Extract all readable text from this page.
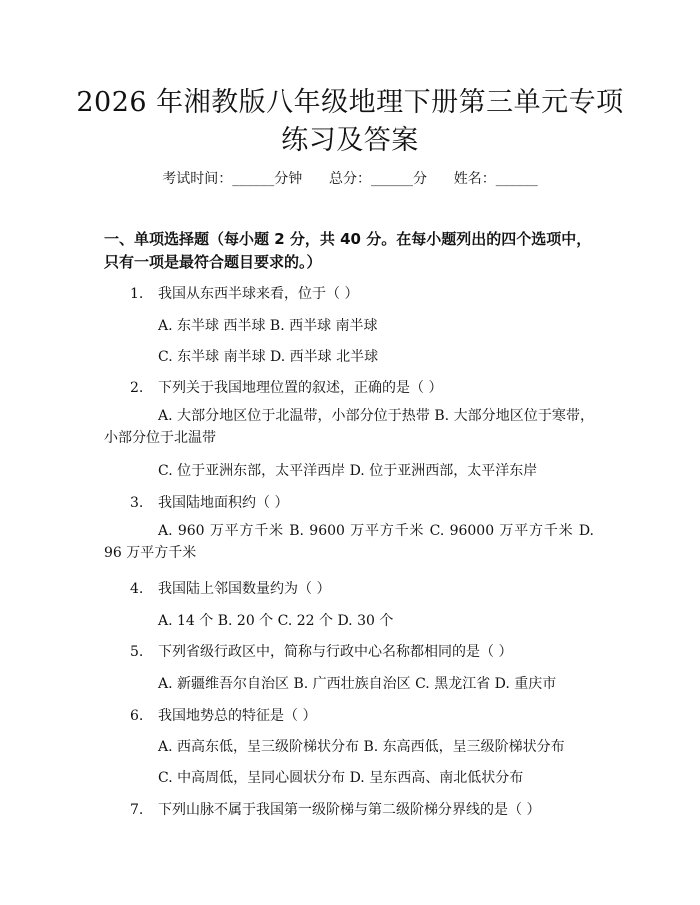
2026 年湘教版八年级地理下册第三单元专项
练习及答案
考试时间：______分钟      总分：______分      姓名：______
一、单项选择题（每小题 2 分，共 40 分。在每小题列出的四个选项中，只有一项是最符合题目要求的。）
1. 我国从东西半球来看，位于（ ）
A. 东半球 西半球 B. 西半球 南半球
C. 东半球 南半球 D. 西半球 北半球
2. 下列关于我国地理位置的叙述，正确的是（ ）
A. 大部分地区位于北温带，小部分位于热带 B. 大部分地区位于寒带，小部分位于北温带
C. 位于亚洲东部，太平洋西岸 D. 位于亚洲西部，太平洋东岸
3. 我国陆地面积约（ ）
A. 960 万平方千米 B. 9600 万平方千米 C. 96000 万平方千米 D. 96 万平方千米
4. 我国陆上邻国数量约为（ ）
A. 14 个 B. 20 个 C. 22 个 D. 30 个
5. 下列省级行政区中，简称与行政中心名称都相同的是（ ）
A. 新疆维吾尔自治区 B. 广西壮族自治区 C. 黑龙江省 D. 重庆市
6. 我国地势总的特征是（ ）
A. 西高东低，呈三级阶梯状分布 B. 东高西低，呈三级阶梯状分布
C. 中高周低，呈同心圆状分布 D. 呈东西高、南北低状分布
7. 下列山脉不属于我国第一级阶梯与第二级阶梯分界线的是（ ）
